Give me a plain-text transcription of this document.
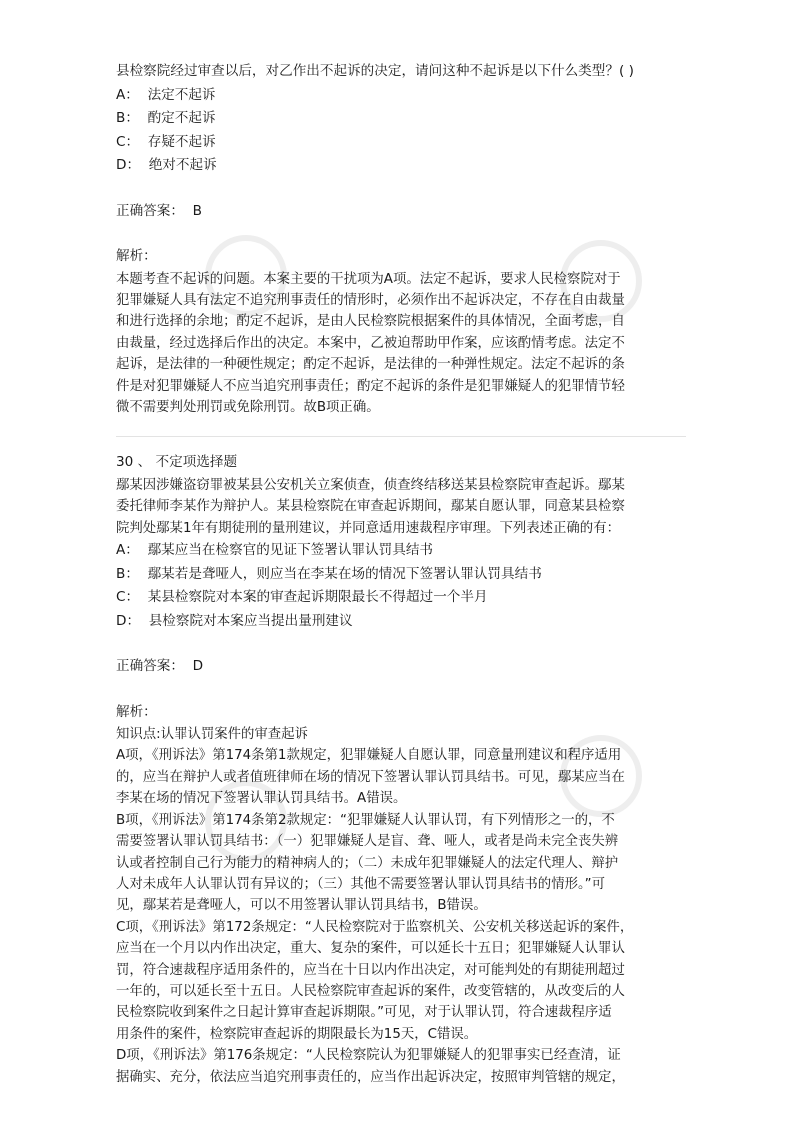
县检察院经过审查以后，对乙作出不起诉的决定，请问这种不起诉是以下什么类型？( )
A： 法定不起诉
B： 酌定不起诉
C： 存疑不起诉
D： 绝对不起诉
正确答案： B
解析：
本题考查不起诉的问题。本案主要的干扰项为A项。法定不起诉，要求人民检察院对于
犯罪嫌疑人具有法定不追究刑事责任的情形时，必须作出不起诉决定，不存在自由裁量
和进行选择的余地；酌定不起诉，是由人民检察院根据案件的具体情况，全面考虑，自
由裁量，经过选择后作出的决定。本案中，乙被迫帮助甲作案，应该酌情考虑。法定不
起诉，是法律的一种硬性规定；酌定不起诉，是法律的一种弹性规定。法定不起诉的条
件是对犯罪嫌疑人不应当追究刑事责任；酌定不起诉的条件是犯罪嫌疑人的犯罪情节轻
微不需要判处刑罚或免除刑罚。故B项正确。
30 、 不定项选择题
鄢某因涉嫌盗窃罪被某县公安机关立案侦查，侦查终结移送某县检察院审查起诉。鄢某
委托律师李某作为辩护人。某县检察院在审查起诉期间，鄢某自愿认罪，同意某县检察
院判处鄢某1年有期徒刑的量刑建议，并同意适用速裁程序审理。下列表述正确的有：
A： 鄢某应当在检察官的见证下签署认罪认罚具结书
B： 鄢某若是聋哑人，则应当在李某在场的情况下签署认罪认罚具结书
C： 某县检察院对本案的审查起诉期限最长不得超过一个半月
D： 县检察院对本案应当提出量刑建议
正确答案： D
解析：
知识点:认罪认罚案件的审查起诉
A项，《刑诉法》第174条第1款规定，犯罪嫌疑人自愿认罪，同意量刑建议和程序适用
的，应当在辩护人或者值班律师在场的情况下签署认罪认罚具结书。可见，鄢某应当在
李某在场的情况下签署认罪认罚具结书。A错误。
B项，《刑诉法》第174条第2款规定：“犯罪嫌疑人认罪认罚，有下列情形之一的，不
需要签署认罪认罚具结书：（一）犯罪嫌疑人是盲、聋、哑人，或者是尚未完全丧失辨
认或者控制自己行为能力的精神病人的；（二）未成年犯罪嫌疑人的法定代理人、辩护
人对未成年人认罪认罚有异议的；（三）其他不需要签署认罪认罚具结书的情形。”可
见，鄢某若是聋哑人，可以不用签署认罪认罚具结书，B错误。
C项，《刑诉法》第172条规定：“人民检察院对于监察机关、公安机关移送起诉的案件，
应当在一个月以内作出决定，重大、复杂的案件，可以延长十五日；犯罪嫌疑人认罪认
罚，符合速裁程序适用条件的，应当在十日以内作出决定，对可能判处的有期徒刑超过
一年的，可以延长至十五日。人民检察院审查起诉的案件，改变管辖的，从改变后的人
民检察院收到案件之日起计算审查起诉期限。”可见，对于认罪认罚，符合速裁程序适
用条件的案件，检察院审查起诉的期限最长为15天，C错误。
D项，《刑诉法》第176条规定：“人民检察院认为犯罪嫌疑人的犯罪事实已经查清，证
据确实、充分，依法应当追究刑事责任的，应当作出起诉决定，按照审判管辖的规定，
